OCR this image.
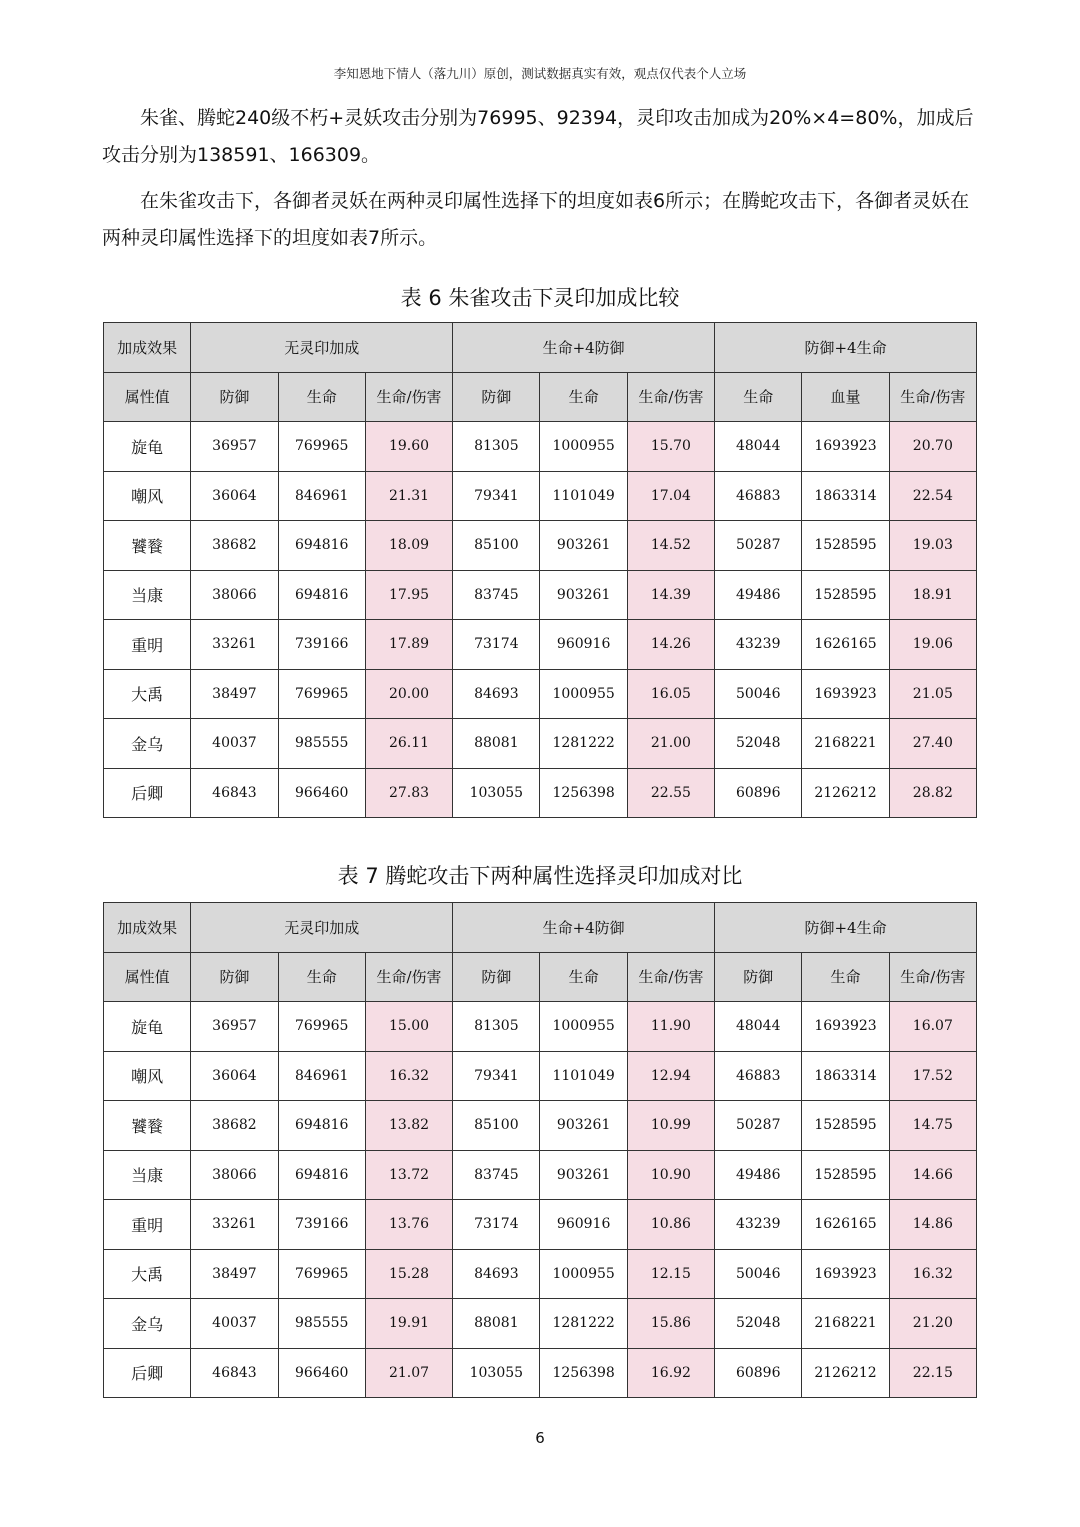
李知恩地下情人（落九川）原创，测试数据真实有效，观点仅代表个人立场

朱雀、腾蛇240级不朽+灵妖攻击分别为76995、92394，灵印攻击加成为20%×4=80%，加成后攻击分别为138591、166309。

在朱雀攻击下，各御者灵妖在两种灵印属性选择下的坦度如表6所示；在腾蛇攻击下，各御者灵妖在两种灵印属性选择下的坦度如表7所示。

表 6 朱雀攻击下灵印加成比较
加成效果	无灵印加成			生命+4防御			防御+4生命		
属性值	防御	生命	生命/伤害	防御	生命	生命/伤害	生命	血量	生命/伤害
旋龟	36957	769965	19.60	81305	1000955	15.70	48044	1693923	20.70
嘲风	36064	846961	21.31	79341	1101049	17.04	46883	1863314	22.54
饕餮	38682	694816	18.09	85100	903261	14.52	50287	1528595	19.03
当康	38066	694816	17.95	83745	903261	14.39	49486	1528595	18.91
重明	33261	739166	17.89	73174	960916	14.26	43239	1626165	19.06
大禹	38497	769965	20.00	84693	1000955	16.05	50046	1693923	21.05
金乌	40037	985555	26.11	88081	1281222	21.00	52048	2168221	27.40
后卿	46843	966460	27.83	103055	1256398	22.55	60896	2126212	28.82
表 7 腾蛇攻击下两种属性选择灵印加成对比
加成效果	无灵印加成			生命+4防御			防御+4生命		
属性值	防御	生命	生命/伤害	防御	生命	生命/伤害	防御	生命	生命/伤害
旋龟	36957	769965	15.00	81305	1000955	11.90	48044	1693923	16.07
嘲风	36064	846961	16.32	79341	1101049	12.94	46883	1863314	17.52
饕餮	38682	694816	13.82	85100	903261	10.99	50287	1528595	14.75
当康	38066	694816	13.72	83745	903261	10.90	49486	1528595	14.66
重明	33261	739166	13.76	73174	960916	10.86	43239	1626165	14.86
大禹	38497	769965	15.28	84693	1000955	12.15	50046	1693923	16.32
金乌	40037	985555	19.91	88081	1281222	15.86	52048	2168221	21.20
后卿	46843	966460	21.07	103055	1256398	16.92	60896	2126212	22.15
6
